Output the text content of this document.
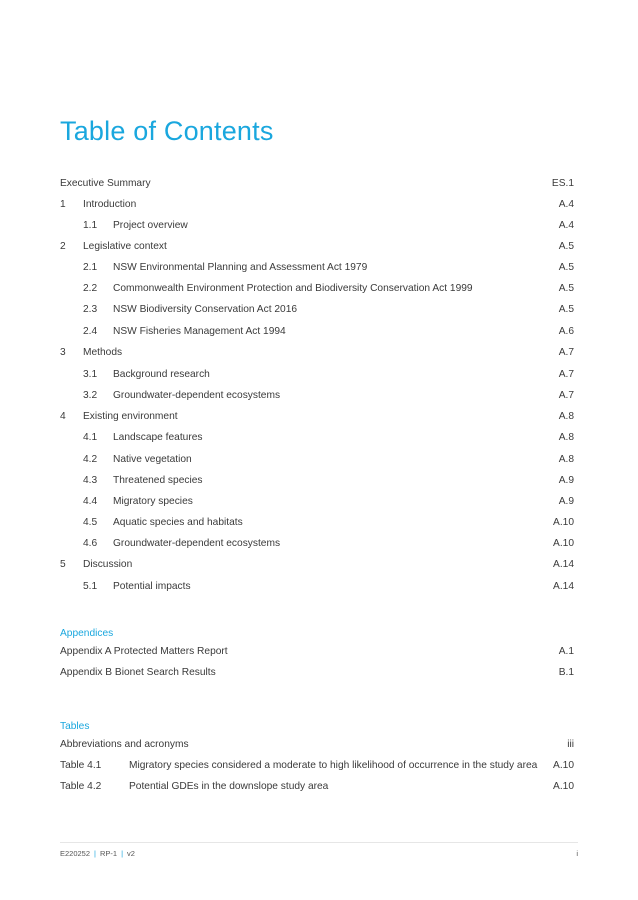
Table of Contents
Executive Summary	ES.1
1 Introduction	A.4
1.1 Project overview	A.4
2 Legislative context	A.5
2.1 NSW Environmental Planning and Assessment Act 1979	A.5
2.2 Commonwealth Environment Protection and Biodiversity Conservation Act 1999	A.5
2.3 NSW Biodiversity Conservation Act 2016	A.5
2.4 NSW Fisheries Management Act 1994	A.6
3 Methods	A.7
3.1 Background research	A.7
3.2 Groundwater-dependent ecosystems	A.7
4 Existing environment	A.8
4.1 Landscape features	A.8
4.2 Native vegetation	A.8
4.3 Threatened species	A.9
4.4 Migratory species	A.9
4.5 Aquatic species and habitats	A.10
4.6 Groundwater-dependent ecosystems	A.10
5 Discussion	A.14
5.1 Potential impacts	A.14
Appendices
Appendix A Protected Matters Report	A.1
Appendix B Bionet Search Results	B.1
Tables
Abbreviations and acronyms	iii
Table 4.1	Migratory species considered a moderate to high likelihood of occurrence in the study area A.10
Table 4.2	Potential GDEs in the downslope study area	A.10
E220252 | RP-1 | v2	i
